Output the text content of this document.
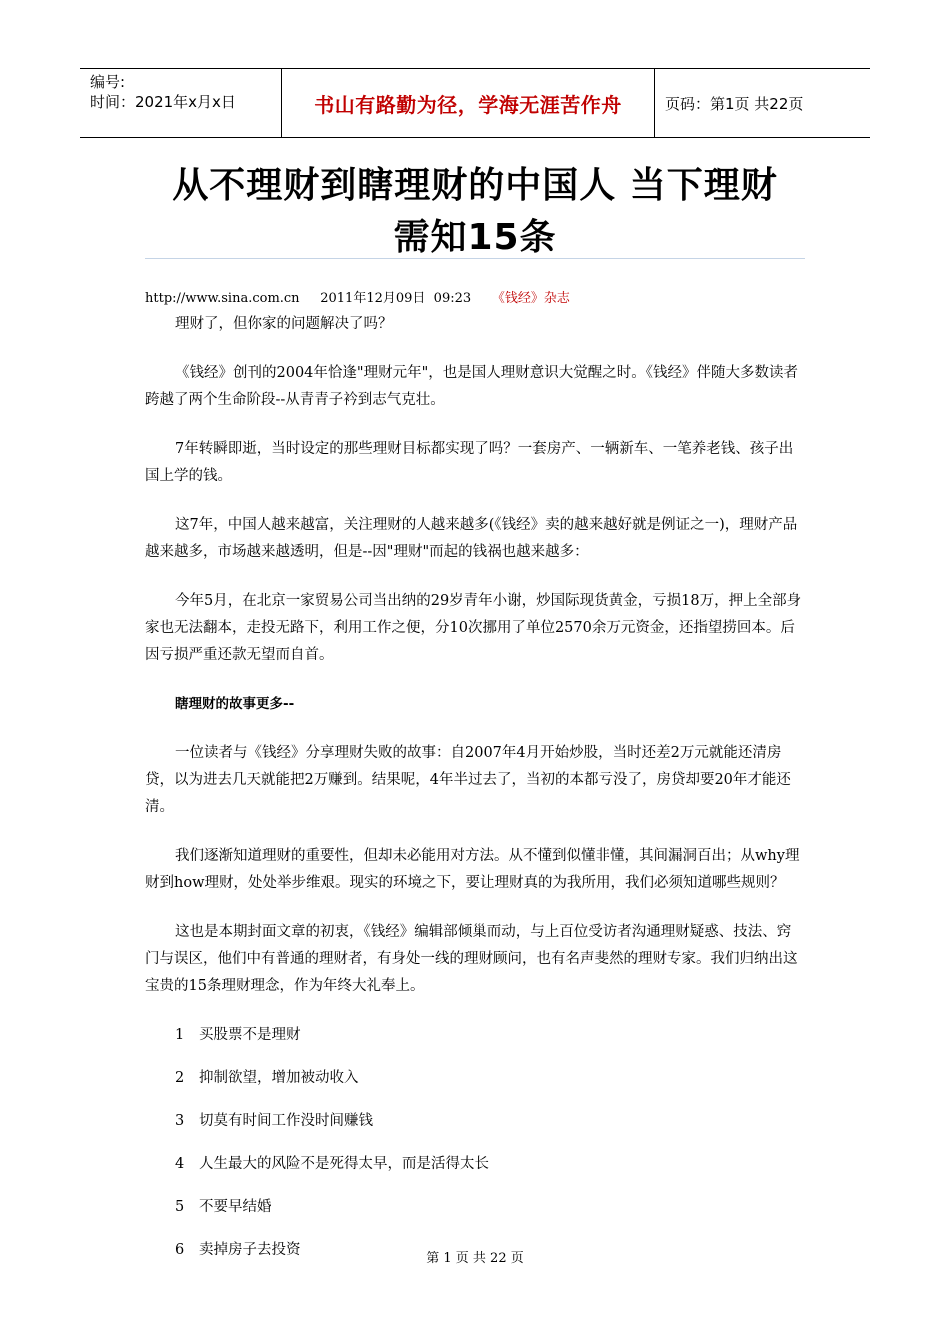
编号:
时间：2021年x月x日	书山有路勤为径，学海无涯苦作舟	页码：第1页 共22页
从不理财到瞎理财的中国人 当下理财
需知15条
http://www.sina.com.cn 2011年12月09日  09:23 《钱经》杂志

理财了，但你家的问题解决了吗？

《钱经》创刊的2004年恰逢"理财元年"，也是国人理财意识大觉醒之时。《钱经》伴随大多数读者跨越了两个生命阶段--从青青子衿到志气克壮。

7年转瞬即逝，当时设定的那些理财目标都实现了吗？一套房产、一辆新车、一笔养老钱、孩子出国上学的钱。

这7年，中国人越来越富，关注理财的人越来越多(《钱经》卖的越来越好就是例证之一)，理财产品越来越多，市场越来越透明，但是--因"理财"而起的钱祸也越来越多：

今年5月，在北京一家贸易公司当出纳的29岁青年小谢，炒国际现货黄金，亏损18万，押上全部身家也无法翻本，走投无路下，利用工作之便，分10次挪用了单位2570余万元资金，还指望捞回本。后因亏损严重还款无望而自首。

瞎理财的故事更多--

一位读者与《钱经》分享理财失败的故事：自2007年4月开始炒股，当时还差2万元就能还清房贷，以为进去几天就能把2万赚到。结果呢，4年半过去了，当初的本都亏没了，房贷却要20年才能还清。

我们逐渐知道理财的重要性，但却未必能用对方法。从不懂到似懂非懂，其间漏洞百出；从why理财到how理财，处处举步维艰。现实的环境之下，要让理财真的为我所用，我们必须知道哪些规则？

这也是本期封面文章的初衷，《钱经》编辑部倾巢而动，与上百位受访者沟通理财疑惑、技法、窍门与误区，他们中有普通的理财者，有身处一线的理财顾问，也有名声斐然的理财专家。我们归纳出这宝贵的15条理财理念，作为年终大礼奉上。

1 买股票不是理财
2 抑制欲望，增加被动收入
3 切莫有时间工作没时间赚钱
4 人生最大的风险不是死得太早，而是活得太长
5 不要早结婚
6 卖掉房子去投资
第 1 页 共 22 页
